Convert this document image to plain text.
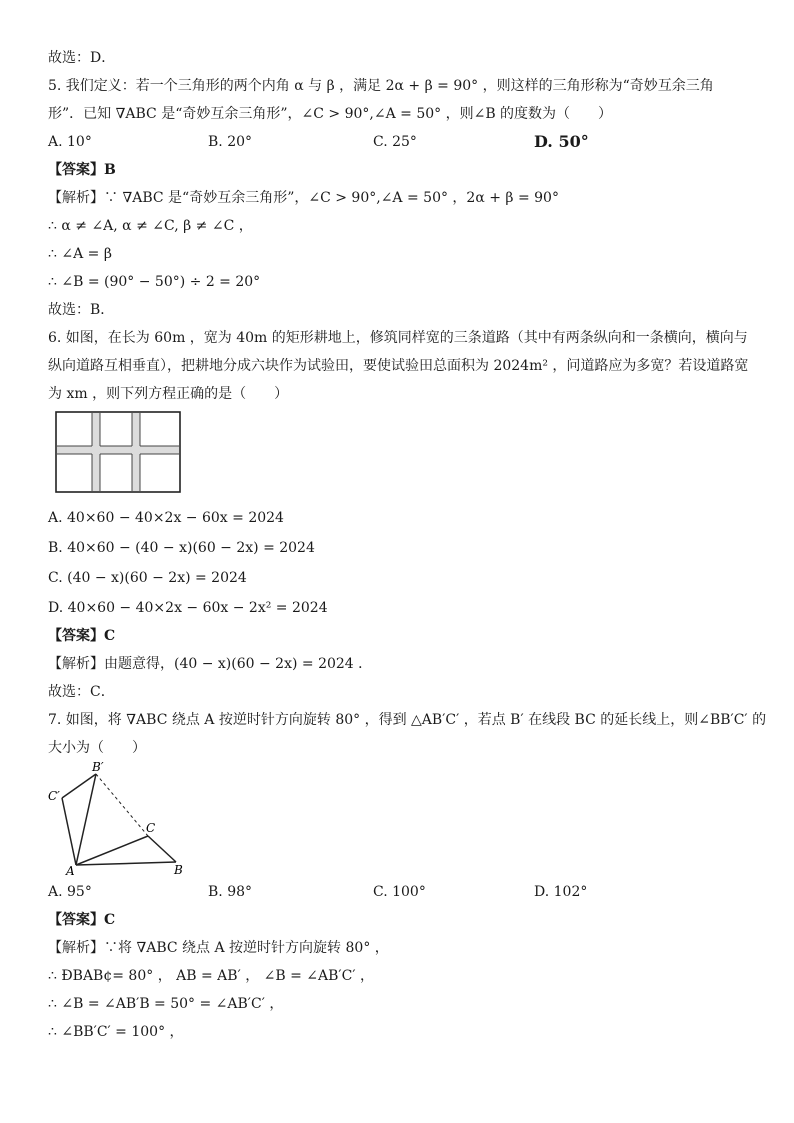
故选：D．
5. 我们定义：若一个三角形的两个内角 α 与 β ，满足 2α + β = 90° ，则这样的三角形称为“奇妙互余三角
形”．已知 ∇ABC 是“奇妙互余三角形”，∠C > 90°,∠A = 50° ，则∠B 的度数为（　　）
A. 10°	B. 20°	C. 25°	D. 50°
【答案】B
【解析】∵ ∇ABC 是“奇妙互余三角形”，∠C > 90°,∠A = 50° ，2α + β = 90°
∴ α ≠ ∠A, α ≠ ∠C, β ≠ ∠C ，
∴ ∠A = β
∴ ∠B = (90° − 50°) ÷ 2 = 20°
故选：B．
6. 如图，在长为 60m ，宽为 40m 的矩形耕地上，修筑同样宽的三条道路（其中有两条纵向和一条横向，横向与
纵向道路互相垂直），把耕地分成六块作为试验田，要使试验田总面积为 2024m² ，问道路应为多宽？若设道路宽
为 xm ，则下列方程正确的是（　　）
A. 40×60 − 40×2x − 60x = 2024
B. 40×60 − (40 − x)(60 − 2x) = 2024
C. (40 − x)(60 − 2x) = 2024
D. 40×60 − 40×2x − 60x − 2x² = 2024
【答案】C
【解析】由题意得，(40 − x)(60 − 2x) = 2024 ．
故选：C．
7. 如图，将 ∇ABC 绕点 A 按逆时针方向旋转 80° ，得到 △AB′C′ ，若点 B′ 在线段 BC 的延长线上，则∠BB′C′ 的
大小为（　　）
B′
C′
C
A	B
A. 95°	B. 98°	C. 100°	D. 102°
【答案】C
【解析】∵将 ∇ABC 绕点 A 按逆时针方向旋转 80° ，
∴ ÐBAB¢= 80° ， AB = AB′ ， ∠B = ∠AB′C′ ，
∴ ∠B = ∠AB′B = 50° = ∠AB′C′ ，
∴ ∠BB′C′ = 100° ，
